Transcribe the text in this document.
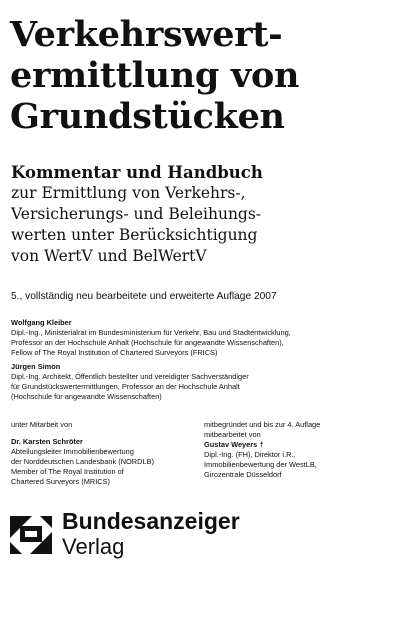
Verkehrswert-
ermittlung von
Grundstücken
Kommentar und Handbuch
zur Ermittlung von Verkehrs-,
Versicherungs- und Beleihungs-
werten unter Berücksichtigung
von WertV und BelWertV
5., vollständig neu bearbeitete und erweiterte Auflage 2007
Wolfgang Kleiber
Dipl.-Ing., Ministerialrat im Bundesministerium für Verkehr, Bau und Stadtentwicklung,
Professor an der Hochschule Anhalt (Hochschule für angewandte Wissenschaften),
Fellow of The Royal Institution of Chartered Surveyors (FRICS)
Jürgen Simon
Dipl.-Ing. Architekt, Öffentlich bestellter und vereidigter Sachverständiger
für Grundstückswertermittlungen, Professor an der Hochschule Anhalt
(Hochschule für angewandte Wissenschaften)
unter Mitarbeit von
Dr. Karsten Schröter
Abteilungsleiter Immobilienbewertung
der Norddeutschen Landesbank (NORDLB)
Member of The Royal Institution of
Chartered Surveyors (MRICS)
mitbegründet und bis zur 4. Auflage
mitbearbeitet von
Gustav Weyers †
Dipl.-Ing. (FH), Direktor i.R.,
Immobilienbewertung der WestLB,
Girozentrale Düsseldorf
Bundesanzeiger
Verlag
